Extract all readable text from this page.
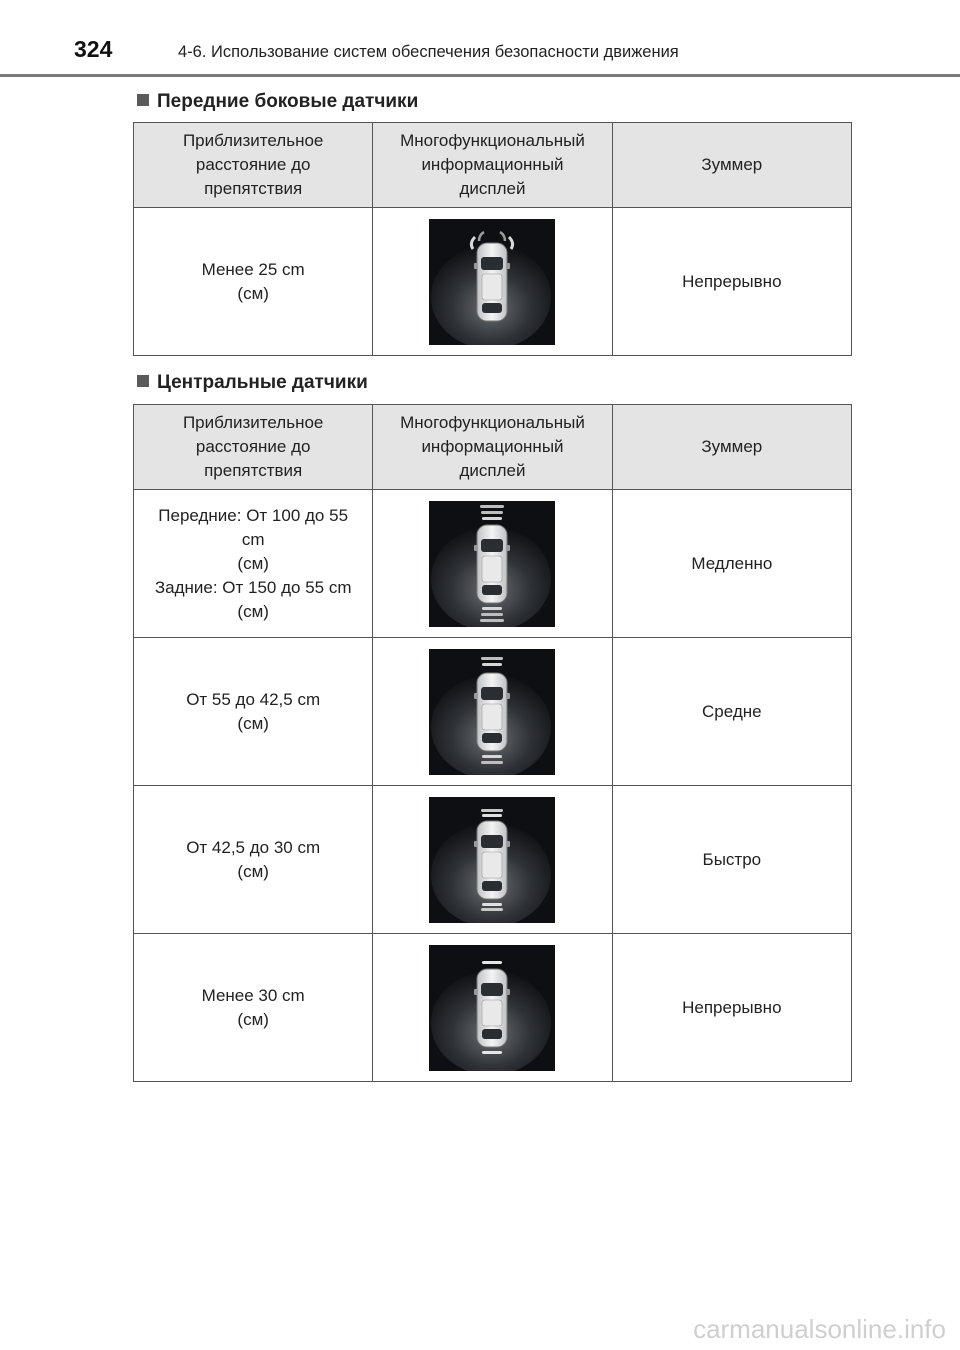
324	4-6. Использование систем обеспечения безопасности движения
Передние боковые датчики
Приблизительное
расстояние до
препятствия	Многофункциональный
информационный
дисплей	Зуммер

Менее 25 cm
(см)		Непрерывно
Центральные датчики
Приблизительное
расстояние до
препятствия	Многофункциональный
информационный
дисплей	Зуммер

Передние: От 100 до 55
cm
(см)
Задние: От 150 до 55 cm
(см)		Медленно

От 55 до 42,5 cm
(см)		Средне

От 42,5 до 30 cm
(см)		Быстро

Менее 30 cm
(см)		Непрерывно
carmanualsonline.info
